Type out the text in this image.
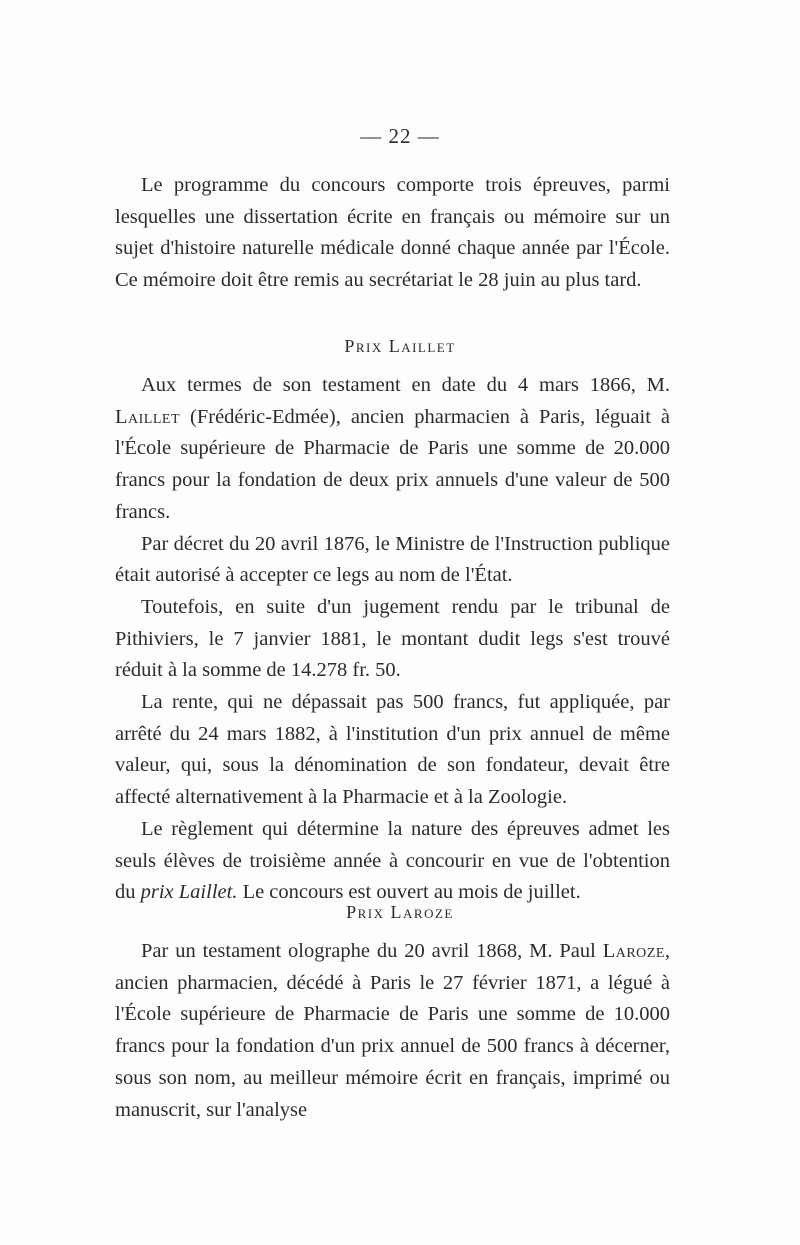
— 22 —

Le programme du concours comporte trois épreuves, parmi lesquelles une dissertation écrite en français ou mémoire sur un sujet d'histoire naturelle médicale donné chaque année par l'École. Ce mémoire doit être remis au secrétariat le 28 juin au plus tard.

Prix Laillet

Aux termes de son testament en date du 4 mars 1866, M. Laillet (Frédéric-Edmée), ancien pharmacien à Paris, léguait à l'École supérieure de Pharmacie de Paris une somme de 20.000 francs pour la fondation de deux prix annuels d'une valeur de 500 francs.

Par décret du 20 avril 1876, le Ministre de l'Instruction publique était autorisé à accepter ce legs au nom de l'État.

Toutefois, en suite d'un jugement rendu par le tribunal de Pithiviers, le 7 janvier 1881, le montant dudit legs s'est trouvé réduit à la somme de 14.278 fr. 50.

La rente, qui ne dépassait pas 500 francs, fut appliquée, par arrêté du 24 mars 1882, à l'institution d'un prix annuel de même valeur, qui, sous la dénomination de son fondateur, devait être affecté alternativement à la Pharmacie et à la Zoologie.

Le règlement qui détermine la nature des épreuves admet les seuls élèves de troisième année à concourir en vue de l'obtention du prix Laillet. Le concours est ouvert au mois de juillet.

Prix Laroze

Par un testament olographe du 20 avril 1868, M. Paul Laroze, ancien pharmacien, décédé à Paris le 27 février 1871, a légué à l'École supérieure de Pharmacie de Paris une somme de 10.000 francs pour la fondation d'un prix annuel de 500 francs à décerner, sous son nom, au meilleur mémoire écrit en français, imprimé ou manuscrit, sur l'analyse
